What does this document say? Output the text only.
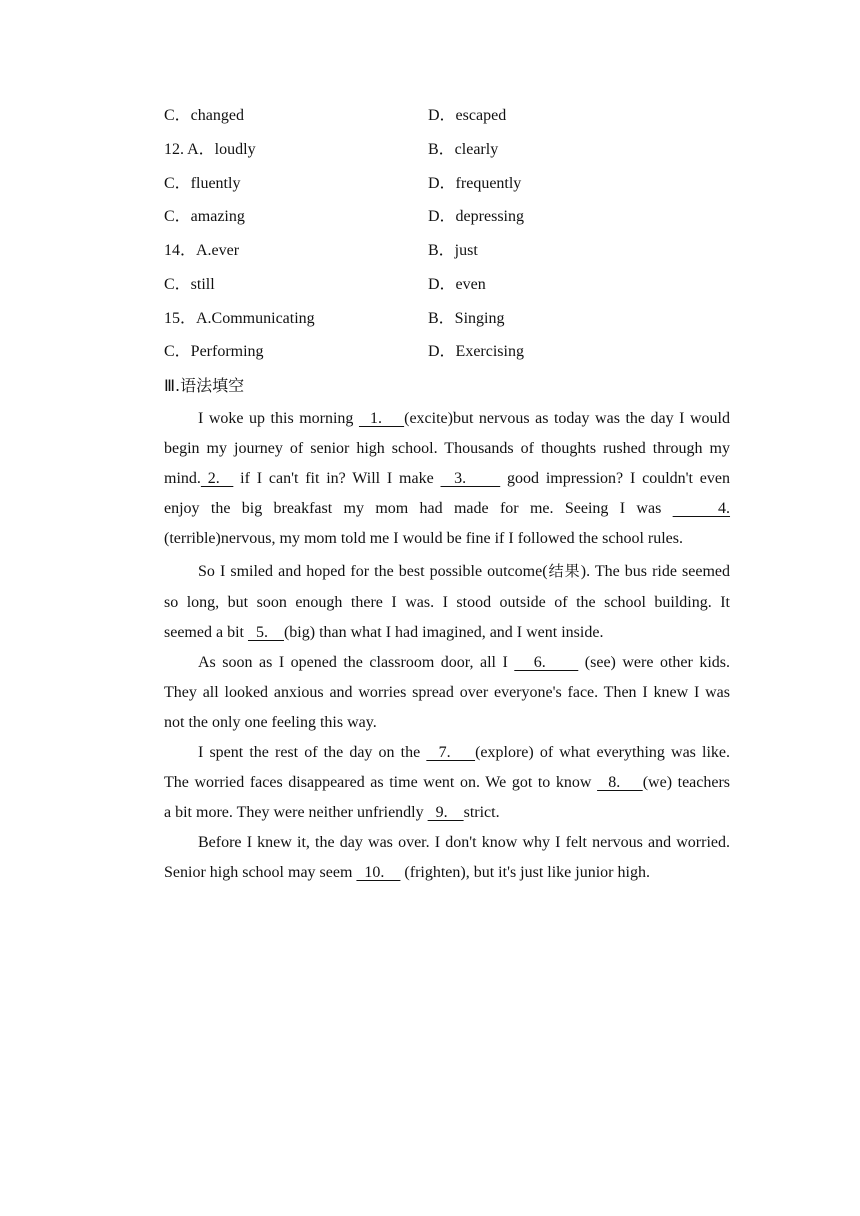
C．changed	D．escaped
12. A．loudly	B．clearly
C．fluently	D．frequently
C．amazing	D．depressing
14．A.ever	B．just
C．still	D．even
15．A.Communicating	B．Singing
C．Performing	D．Exercising
Ⅲ.语法填空
I woke up this morning   1.    (excite)but nervous as today was the day I would
begin my journey of senior high school. Thousands of thoughts rushed through my
mind. 2.   if I can't fit in? Will I make   3.      good impression? I couldn't even
enjoy the big breakfast my mom had made for me. Seeing I was     4.
(terrible)nervous, my mom told me I would be fine if I followed the school rules.
So I smiled and hoped for the best possible outcome(结果). The bus ride seemed
so long, but soon enough there I was. I stood outside of the school building. It
seemed a bit   5.    (big) than what I had imagined, and I went inside.
As soon as I opened the classroom door, all I    6.      (see) were other kids.
They all looked anxious and worries spread over everyone's face. Then I knew I was
not the only one feeling this way.
I spent the rest of the day on the   7.    (explore) of what everything was like.
The worried faces disappeared as time went on. We got to know   8.    (we) teachers
a bit more. They were neither unfriendly   9.    strict.
Before I knew it, the day was over. I don't know why I felt nervous and worried.
Senior high school may seem   10.     (frighten), but it's just like junior high.
